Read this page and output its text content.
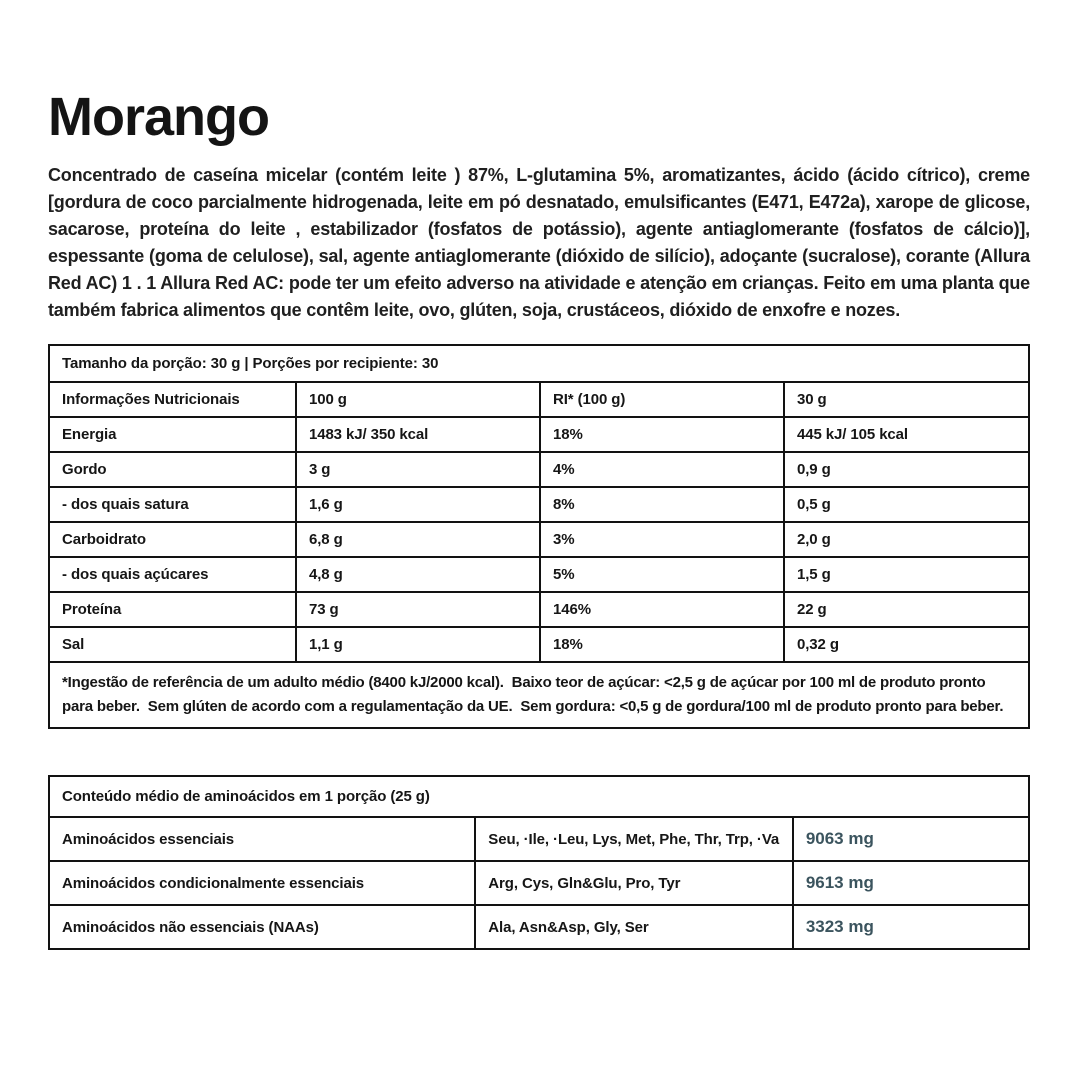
Morango

Concentrado de caseína micelar (contém leite ) 87%, L-glutamina 5%, aromatizantes, ácido (ácido cítrico), creme [gordura de coco parcialmente hidrogenada, leite em pó desnatado, emulsificantes (E471, E472a), xarope de glicose, sacarose, proteína do leite , estabilizador (fosfatos de potássio), agente antiaglomerante (fosfatos de cálcio)], espessante (goma de celulose), sal, agente antiaglomerante (dióxido de silício), adoçante (sucralose), corante (Allura Red AC) 1 . 1 Allura Red AC: pode ter um efeito adverso na atividade e atenção em crianças. Feito em uma planta que também fabrica alimentos que contêm leite, ovo, glúten, soja, crustáceos, dióxido de enxofre e nozes.

Tamanho da porção: 30 g | Porções por recipiente: 30			
Informações Nutricionais	100 g	RI* (100 g)	30 g
Energia	1483 kJ/ 350 kcal	18%	445 kJ/ 105 kcal
Gordo	3 g	4%	0,9 g
- dos quais satura	1,6 g	8%	0,5 g
Carboidrato	6,8 g	3%	2,0 g
- dos quais açúcares	4,8 g	5%	1,5 g
Proteína	73 g	146%	22 g
Sal	1,1 g	18%	0,32 g
*Ingestão de referência de um adulto médio (8400 kJ/2000 kcal).  Baixo teor de açúcar: <2,5 g de açúcar por 100 ml de produto pronto para beber.  Sem glúten de acordo com a regulamentação da UE.  Sem gordura: <0,5 g de gordura/100 ml de produto pronto para beber.			
Conteúdo médio de aminoácidos em 1 porção (25 g)		
Aminoácidos essenciais	Seu, ·Ile, ·Leu, Lys, Met, Phe, Thr, Trp, ·Va	9063 mg
Aminoácidos condicionalmente essenciais	Arg, Cys, Gln&Glu, Pro, Tyr	9613 mg
Aminoácidos não essenciais (NAAs)	Ala, Asn&Asp, Gly, Ser	3323 mg
